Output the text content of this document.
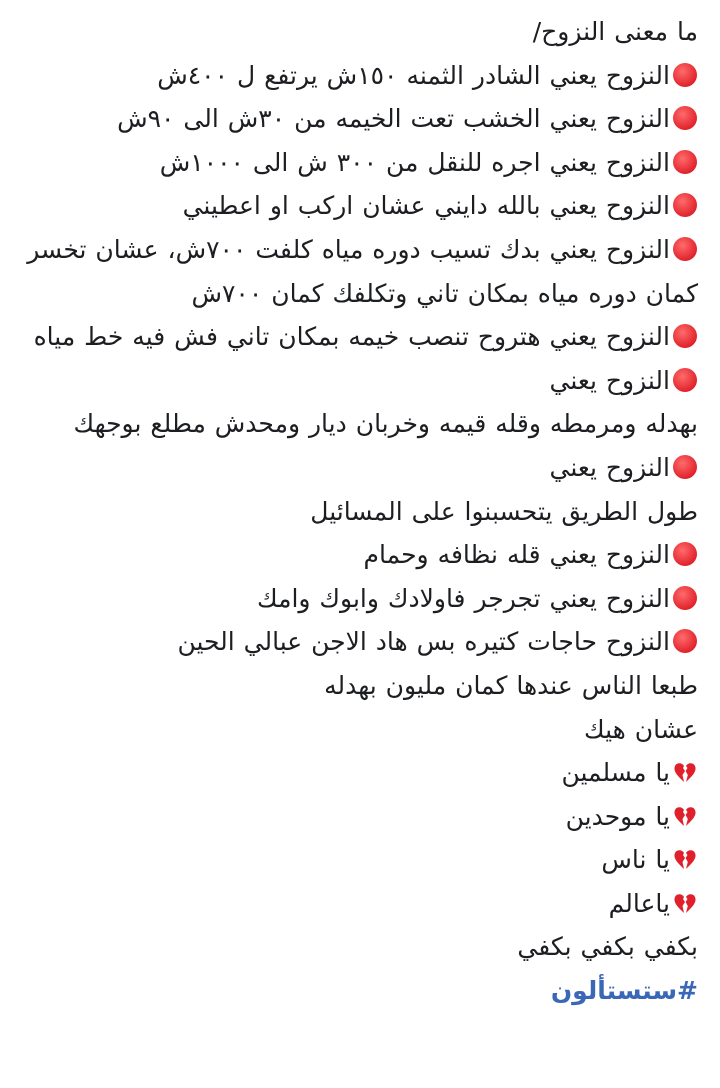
ما معنى النزوح/
النزوح يعني الشادر الثمنه ١٥٠ش يرتفع ل ٤٠٠ش
النزوح يعني الخشب تعت الخيمه من ٣٠ش الى ٩٠ش
النزوح يعني اجره للنقل من ٣٠٠ ش الى ١٠٠٠ش
النزوح يعني بالله دايني عشان اركب او اعطيني
النزوح يعني بدك تسيب دوره مياه كلفت ٧٠٠ش، عشان تخسر كمان دوره مياه بمكان تاني وتكلفك كمان ٧٠٠ش
النزوح يعني هتروح تنصب خيمه بمكان تاني فش فيه خط مياه
النزوح يعني
بهدله ومرمطه وقله قيمه وخربان ديار ومحدش مطلع بوجهك
النزوح يعني
طول الطريق يتحسبنوا على المسائيل
النزوح يعني قله نظافه وحمام
النزوح يعني تجرجر فاولادك وابوك وامك
النزوح حاجات كتيره بس هاد الاجن عبالي الحين
طبعا الناس عندها كمان مليون بهدله
عشان هيك
يا مسلمين
يا موحدين
يا ناس
ياعالم
بكفي بكفي بكفي
#ستستألون
